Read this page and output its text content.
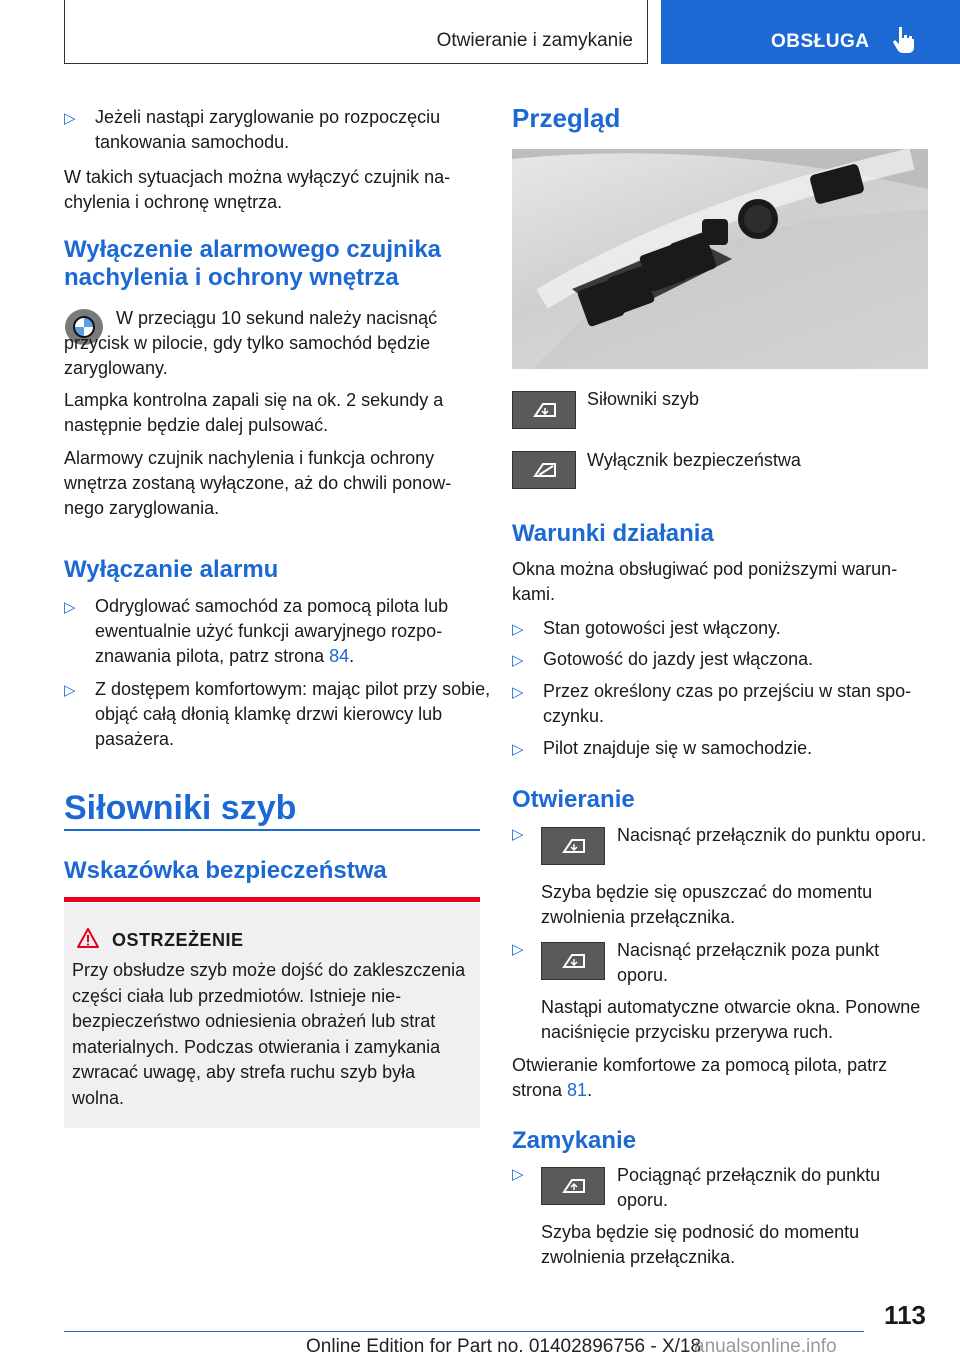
Otwieranie i zamykanie	OBSŁUGA
▷ Jeżeli nastąpi zaryglowanie po rozpoczęciu tankowania samochodu.

W takich sytuacjach można wyłączyć czujnik nachylenia i ochronę wnętrza.

Wyłączenie alarmowego czujnika nachylenia i ochrony wnętrza

W przeciągu 10 sekund należy nacisnąć przycisk w pilocie, gdy tylko samochód będzie zaryglowany.

Lampka kontrolna zapali się na ok. 2 sekundy a następnie będzie dalej pulsować.

Alarmowy czujnik nachylenia i funkcja ochrony wnętrza zostaną wyłączone, aż do chwili ponownego zaryglowania.

Wyłączanie alarmu
▷ Odryglować samochód za pomocą pilota lub ewentualnie użyć funkcji awaryjnego rozpoznawania pilota, patrz strona 84.
▷ Z dostępem komfortowym: mając pilot przy sobie, objąć całą dłonią klamkę drzwi kierowcy lub pasażera.
Siłowniki szyb
Wskazówka bezpieczeństwa
OSTRZEŻENIE
Przy obsłudze szyb może dojść do zakleszczenia części ciała lub przedmiotów. Istnieje niebezpieczeństwo odniesienia obrażeń lub strat materialnych. Podczas otwierania i zamykania zwracać uwagę, aby strefa ruchu szyb była wolna.
Przegląd

Siłowniki szyb

Wyłącznik bezpieczeństwa

Warunki działania

Okna można obsługiwać pod poniższymi warunkami.

▷ Stan gotowości jest włączony.
▷ Gotowość do jazdy jest włączona.
▷ Przez określony czas po przejściu w stan spoczynku.
▷ Pilot znajduje się w samochodzie.
Otwieranie
▷	Nacisnąć przełącznik do punktu oporu.

Szyba będzie się opuszczać do momentu zwolnienia przełącznika.

▷	Nacisnąć przełącznik poza punkt oporu.

Nastąpi automatyczne otwarcie okna. Ponowne naciśnięcie przycisku przerywa ruch.

Otwieranie komfortowe za pomocą pilota, patrz strona 81.

Zamykanie
▷	Pociągnąć przełącznik do punktu oporu.

Szyba będzie się podnosić do momentu zwolnienia przełącznika.

113
Online Edition for Part no. 01402896756 - X/18
anualsonline.info
